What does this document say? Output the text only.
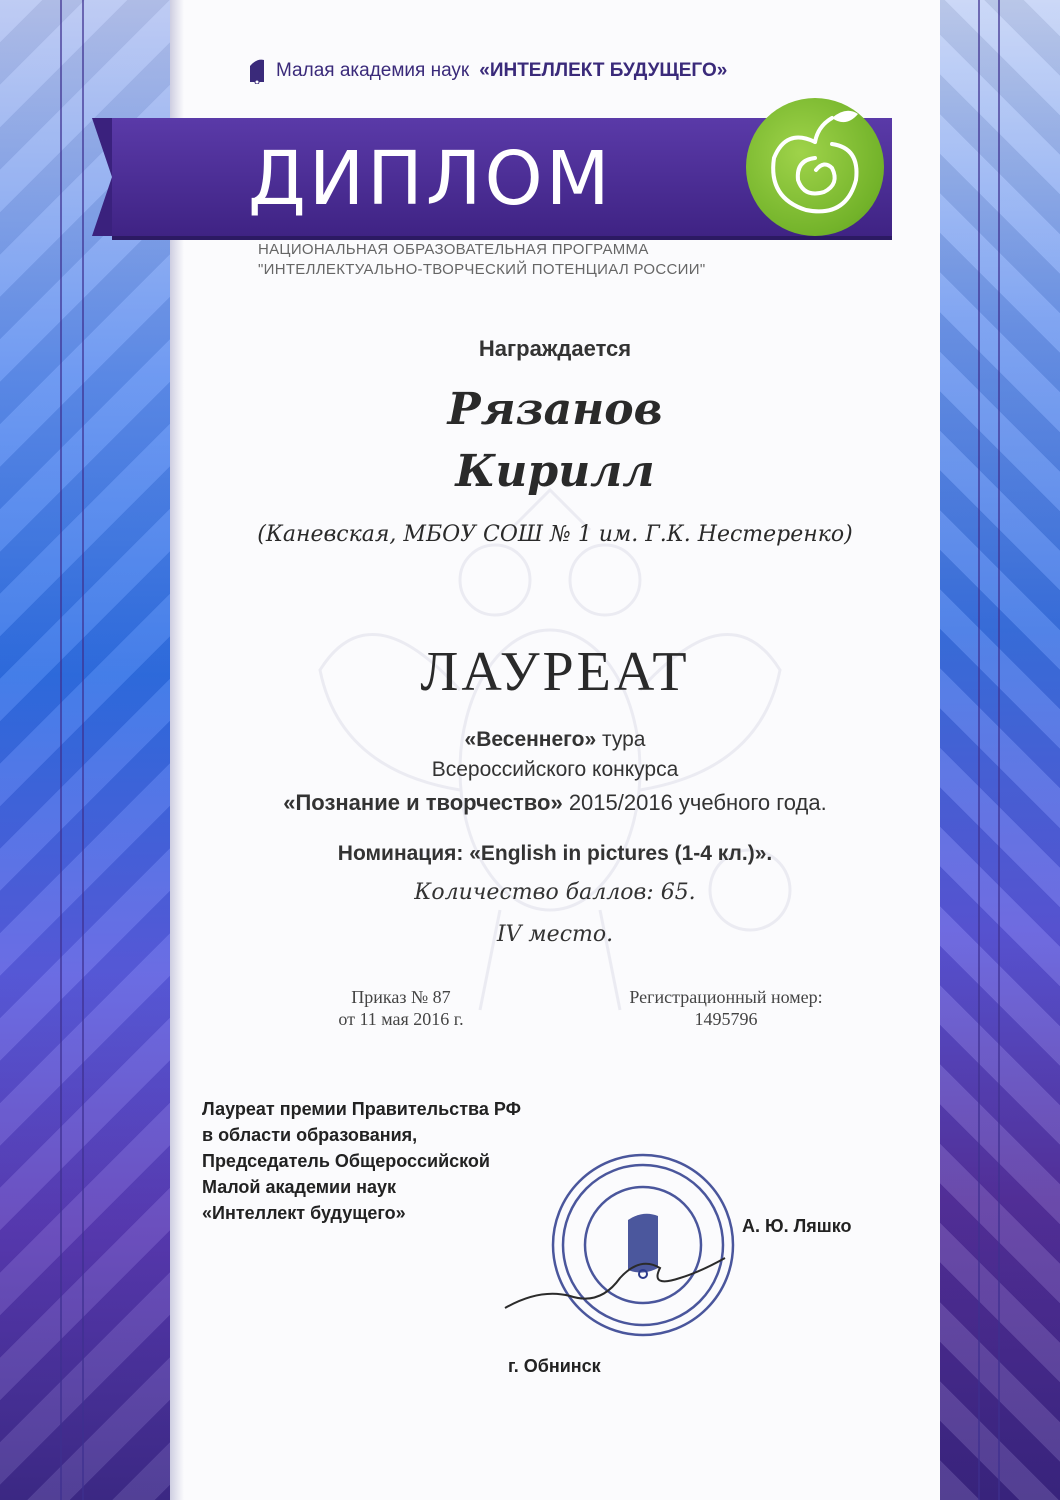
Малая академия наук «ИНТЕЛЛЕКТ БУДУЩЕГО»
ДИПЛОМ
НАЦИОНАЛЬНАЯ ОБРАЗОВАТЕЛЬНАЯ ПРОГРАММА
"ИНТЕЛЛЕКТУАЛЬНО-ТВОРЧЕСКИЙ ПОТЕНЦИАЛ РОССИИ"
Награждается
Рязанов
Кирилл
(Каневская, МБОУ СОШ № 1 им. Г.К. Нестеренко)
ЛАУРЕАТ
«Весеннего» тура
Всероссийского конкурса
«Познание и творчество» 2015/2016 учебного года.
Номинация: «English in pictures (1-4 кл.)».
Количество баллов: 65.
IV место.
Приказ № 87
от 11 мая 2016 г.
Регистрационный номер:
1495796
Лауреат премии Правительства РФ
в области образования,
Председатель Общероссийской
Малой академии наук
«Интеллект будущего»
А. Ю. Ляшко
г. Обнинск
